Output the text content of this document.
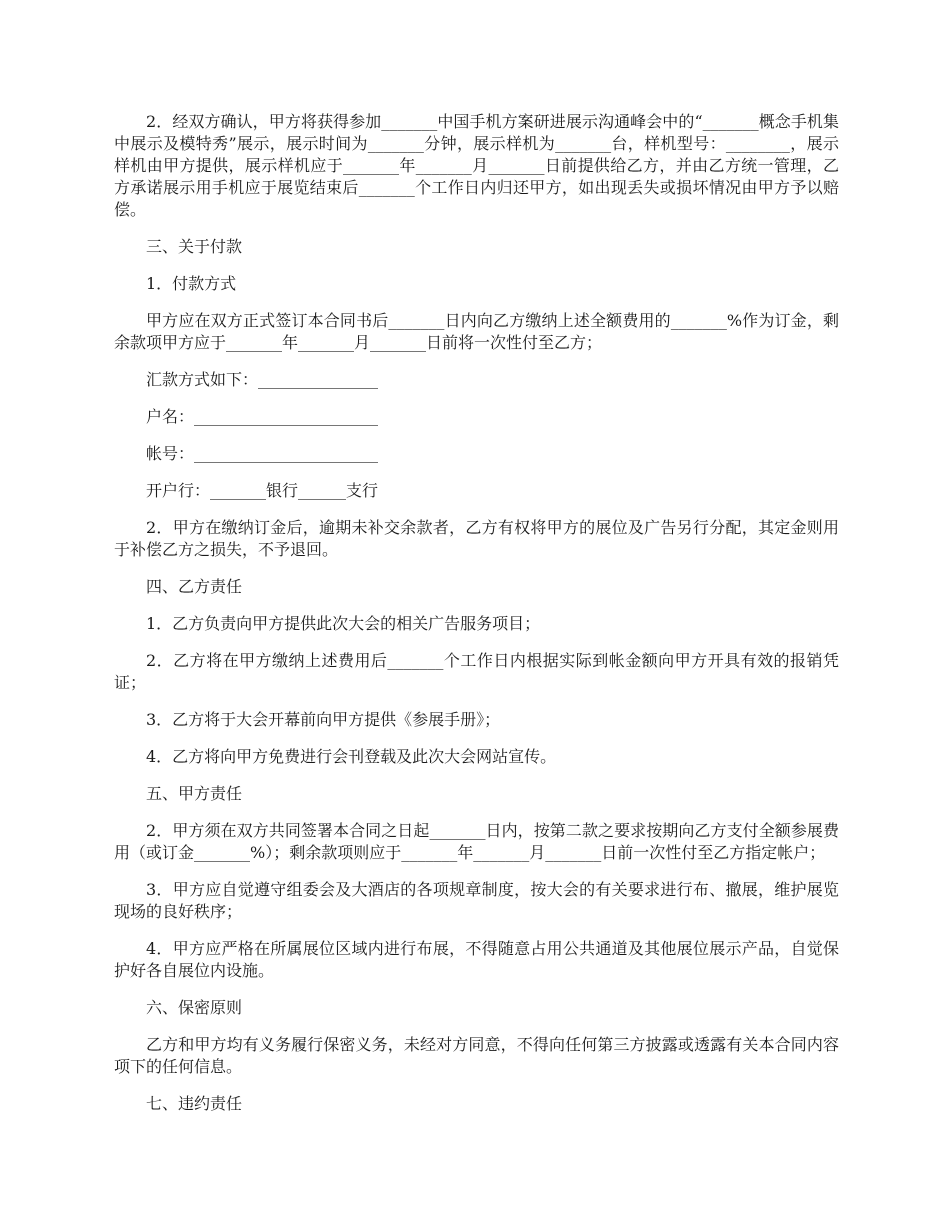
2．经双方确认，甲方将获得参加_______中国手机方案研进展示沟通峰会中的“_______概念手机集中展示及模特秀”展示，展示时间为_______分钟，展示样机为_______台，样机型号：________，展示样机由甲方提供，展示样机应于_______年_______月_______日前提供给乙方，并由乙方统一管理，乙方承诺展示用手机应于展览结束后_______个工作日内归还甲方，如出现丢失或损坏情况由甲方予以赔偿。

三、关于付款

1．付款方式

甲方应在双方正式签订本合同书后_______日内向乙方缴纳上述全额费用的_______%作为订金，剩余款项甲方应于_______年_______月_______日前将一次性付至乙方；

汇款方式如下：_______________

户名：_______________________

帐号：_______________________

开户行：_______银行______支行

2．甲方在缴纳订金后，逾期未补交余款者，乙方有权将甲方的展位及广告另行分配，其定金则用于补偿乙方之损失，不予退回。

四、乙方责任

1．乙方负责向甲方提供此次大会的相关广告服务项目；

2．乙方将在甲方缴纳上述费用后_______个工作日内根据实际到帐金额向甲方开具有效的报销凭证；

3．乙方将于大会开幕前向甲方提供《参展手册》；

4．乙方将向甲方免费进行会刊登载及此次大会网站宣传。

五、甲方责任

2．甲方须在双方共同签署本合同之日起_______日内，按第二款之要求按期向乙方支付全额参展费用（或订金_______%）；剩余款项则应于_______年_______月_______日前一次性付至乙方指定帐户；

3．甲方应自觉遵守组委会及大酒店的各项规章制度，按大会的有关要求进行布、撤展，维护展览现场的良好秩序；

4．甲方应严格在所属展位区域内进行布展，不得随意占用公共通道及其他展位展示产品，自觉保护好各自展位内设施。

六、保密原则

乙方和甲方均有义务履行保密义务，未经对方同意，不得向任何第三方披露或透露有关本合同内容项下的任何信息。

七、违约责任
